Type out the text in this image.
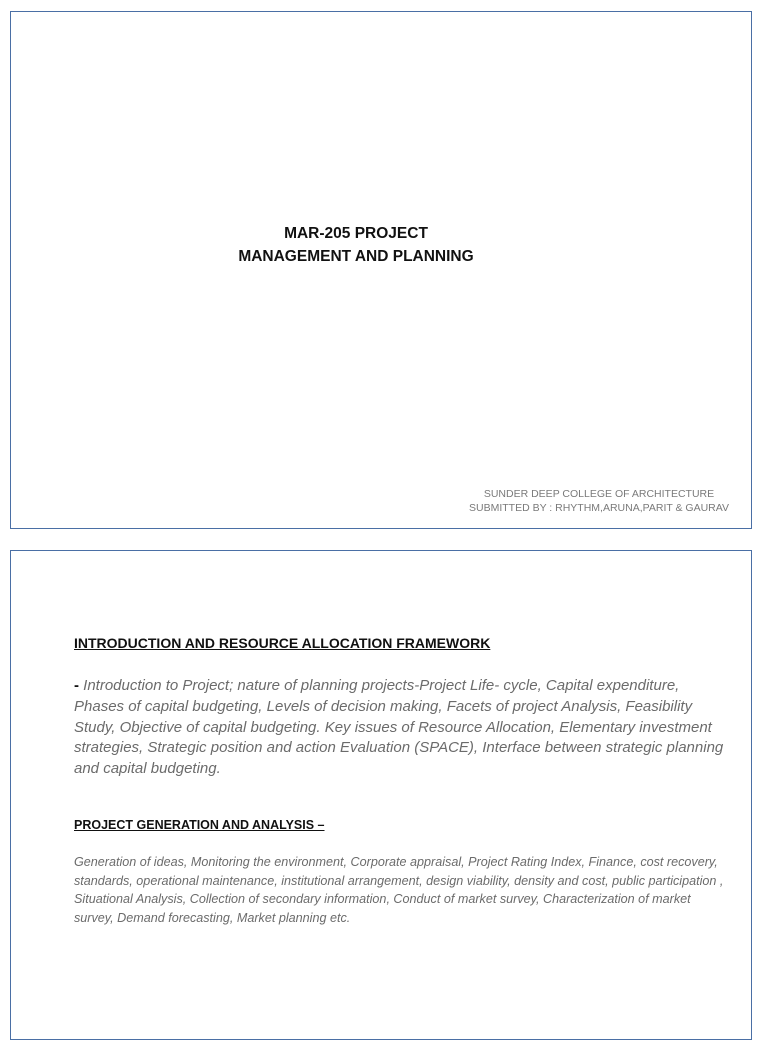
MAR-205 PROJECT
MANAGEMENT AND PLANNING
SUNDER DEEP COLLEGE OF ARCHITECTURE
SUBMITTED BY : RHYTHM,ARUNA,PARIT & GAURAV
INTRODUCTION AND RESOURCE ALLOCATION FRAMEWORK
- Introduction to Project; nature of planning projects-Project Life- cycle, Capital expenditure, Phases of capital budgeting, Levels of decision making, Facets of project Analysis, Feasibility Study, Objective of capital budgeting. Key issues of Resource Allocation, Elementary investment strategies, Strategic position and action Evaluation (SPACE), Interface between strategic planning and capital budgeting.
PROJECT GENERATION AND ANALYSIS –
Generation of ideas, Monitoring the environment, Corporate appraisal, Project Rating Index, Finance, cost recovery, standards, operational maintenance, institutional arrangement, design viability, density and cost, public participation , Situational Analysis, Collection of secondary information, Conduct of market survey, Characterization of market survey, Demand forecasting, Market planning etc.
